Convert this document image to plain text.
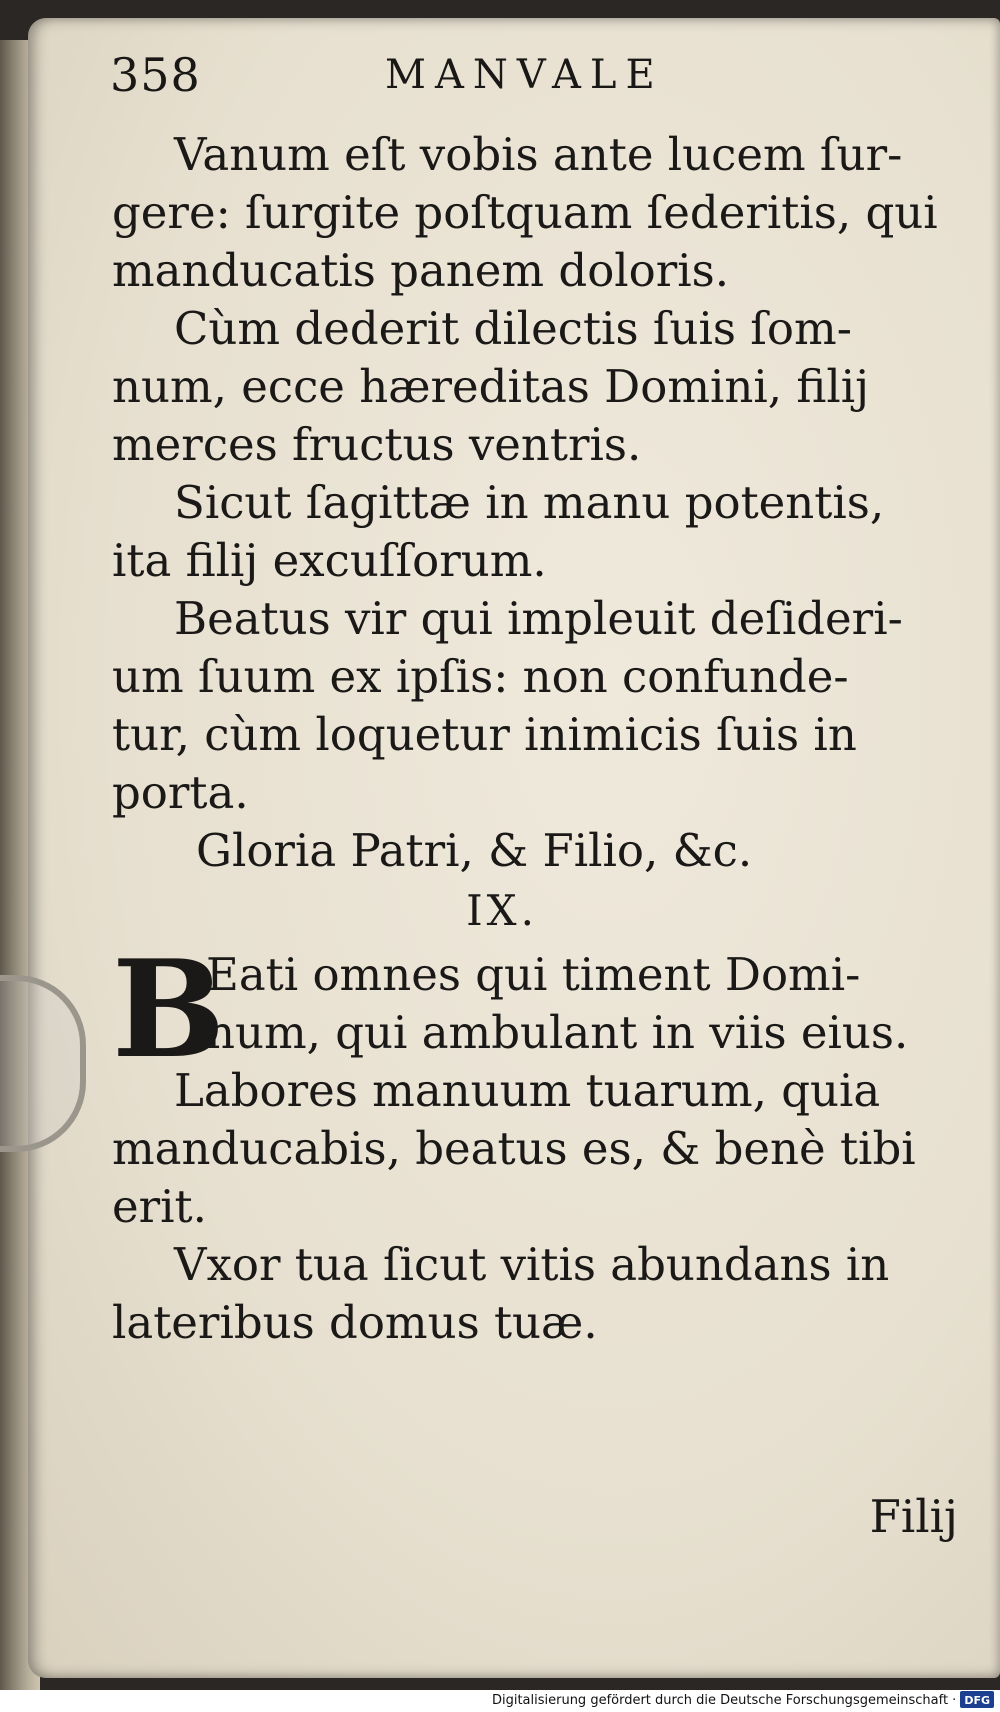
358	MANVALE
Vanum eſt vobis ante lucem ſur-
gere: ſurgite poſtquam ſederitis, qui
manducatis panem doloris.
Cùm dederit dilectis ſuis ſom-
num, ecce hæreditas Domini, filij
merces fructus ventris.
Sicut ſagittæ in manu potentis,
ita filij excuſſorum.
Beatus vir qui impleuit deſideri-
um ſuum ex ipſis: non confunde-
tur, cùm loquetur inimicis ſuis in
porta.
Gloria Patri, & Filio, &c.
IX.
B
Eati omnes qui timent Domi-
num, qui ambulant in viis eius.
Labores manuum tuarum, quia
manducabis, beatus es, & benè tibi
erit.
Vxor tua ſicut vitis abundans in
lateribus domus tuæ.
Filij
Digitalisierung gefördert durch die Deutsche Forschungsgemeinschaft · DFG
